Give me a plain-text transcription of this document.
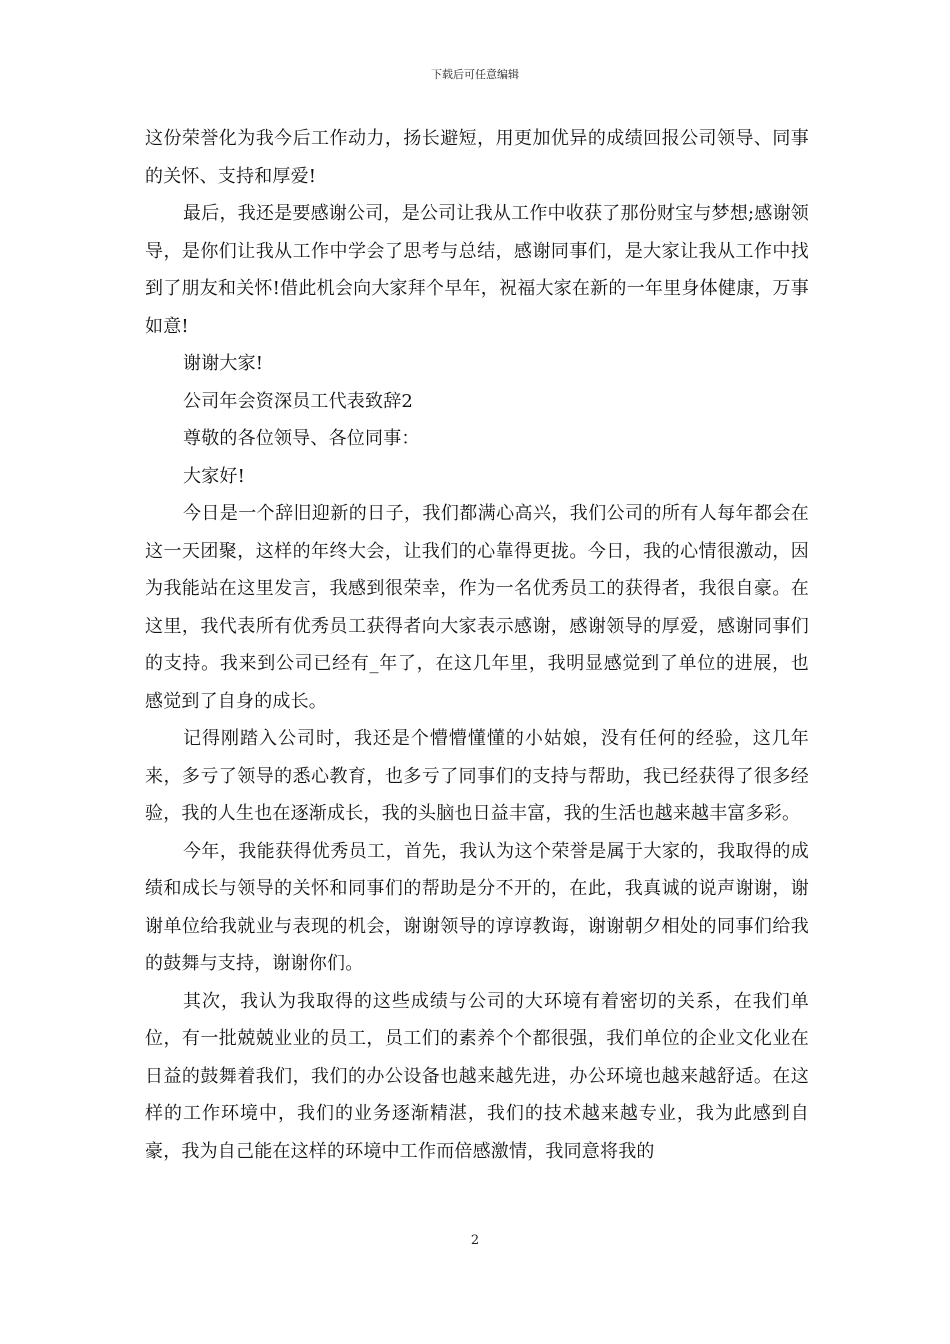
下载后可任意编辑

这份荣誉化为我今后工作动力，扬长避短，用更加优异的成绩回报公司领导、同事的关怀、支持和厚爱!

最后，我还是要感谢公司，是公司让我从工作中收获了那份财宝与梦想;感谢领导，是你们让我从工作中学会了思考与总结，感谢同事们，是大家让我从工作中找到了朋友和关怀!借此机会向大家拜个早年，祝福大家在新的一年里身体健康，万事如意!

谢谢大家!

公司年会资深员工代表致辞2

尊敬的各位领导、各位同事：

大家好!

今日是一个辞旧迎新的日子，我们都满心高兴，我们公司的所有人每年都会在这一天团聚，这样的年终大会，让我们的心靠得更拢。今日，我的心情很激动，因为我能站在这里发言，我感到很荣幸，作为一名优秀员工的获得者，我很自豪。在这里，我代表所有优秀员工获得者向大家表示感谢，感谢领导的厚爱，感谢同事们的支持。我来到公司已经有_年了，在这几年里，我明显感觉到了单位的进展，也感觉到了自身的成长。

记得刚踏入公司时，我还是个懵懵懂懂的小姑娘，没有任何的经验，这几年来，多亏了领导的悉心教育，也多亏了同事们的支持与帮助，我已经获得了很多经验，我的人生也在逐渐成长，我的头脑也日益丰富，我的生活也越来越丰富多彩。

今年，我能获得优秀员工，首先，我认为这个荣誉是属于大家的，我取得的成绩和成长与领导的关怀和同事们的帮助是分不开的，在此，我真诚的说声谢谢，谢谢单位给我就业与表现的机会，谢谢领导的谆谆教诲，谢谢朝夕相处的同事们给我的鼓舞与支持，谢谢你们。

其次，我认为我取得的这些成绩与公司的大环境有着密切的关系，在我们单位，有一批兢兢业业的员工，员工们的素养个个都很强，我们单位的企业文化业在日益的鼓舞着我们，我们的办公设备也越来越先进，办公环境也越来越舒适。在这样的工作环境中，我们的业务逐渐精湛，我们的技术越来越专业，我为此感到自豪，我为自己能在这样的环境中工作而倍感激情，我同意将我的

2
